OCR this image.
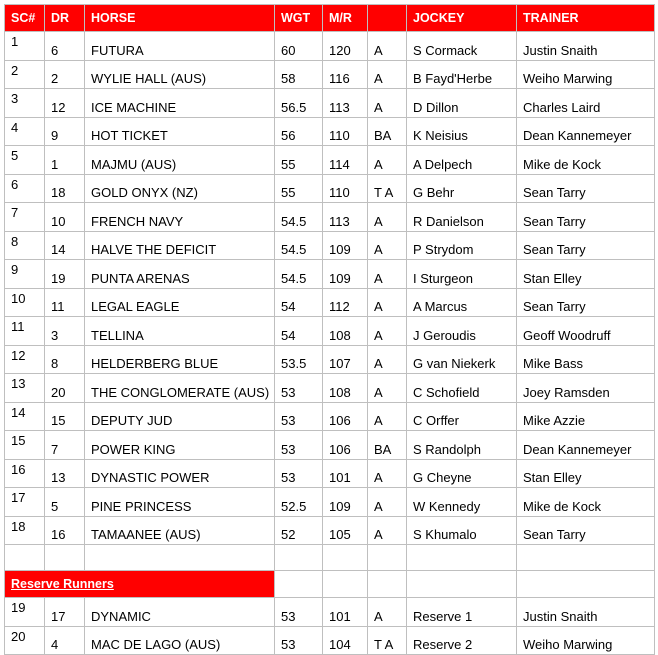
SC#	DR	HORSE	WGT	M/R		JOCKEY	TRAINER
1	6	FUTURA	60	120	A	S Cormack	Justin Snaith
2	2	WYLIE HALL (AUS)	58	116	A	B Fayd'Herbe	Weiho Marwing
3	12	ICE MACHINE	56.5	113	A	D Dillon	Charles Laird
4	9	HOT TICKET	56	110	BA	K Neisius	Dean Kannemeyer
5	1	MAJMU (AUS)	55	114	A	A Delpech	Mike de Kock
6	18	GOLD ONYX (NZ)	55	110	T A	G Behr	Sean Tarry
7	10	FRENCH NAVY	54.5	113	A	R Danielson	Sean Tarry
8	14	HALVE THE DEFICIT	54.5	109	A	P Strydom	Sean Tarry
9	19	PUNTA ARENAS	54.5	109	A	I Sturgeon	Stan Elley
10	11	LEGAL EAGLE	54	112	A	A Marcus	Sean Tarry
11	3	TELLINA	54	108	A	J Geroudis	Geoff Woodruff
12	8	HELDERBERG BLUE	53.5	107	A	G van Niekerk	Mike Bass
13	20	THE CONGLOMERATE (AUS)	53	108	A	C Schofield	Joey Ramsden
14	15	DEPUTY JUD	53	106	A	C Orffer	Mike Azzie
15	7	POWER KING	53	106	BA	S Randolph	Dean Kannemeyer
16	13	DYNASTIC POWER	53	101	A	G Cheyne	Stan Elley
17	5	PINE PRINCESS	52.5	109	A	W Kennedy	Mike de Kock
18	16	TAMAANEE (AUS)	52	105	A	S Khumalo	Sean Tarry

Reserve Runners							
19	17	DYNAMIC	53	101	A	Reserve 1	Justin Snaith
20	4	MAC DE LAGO (AUS)	53	104	T A	Reserve 2	Weiho Marwing
